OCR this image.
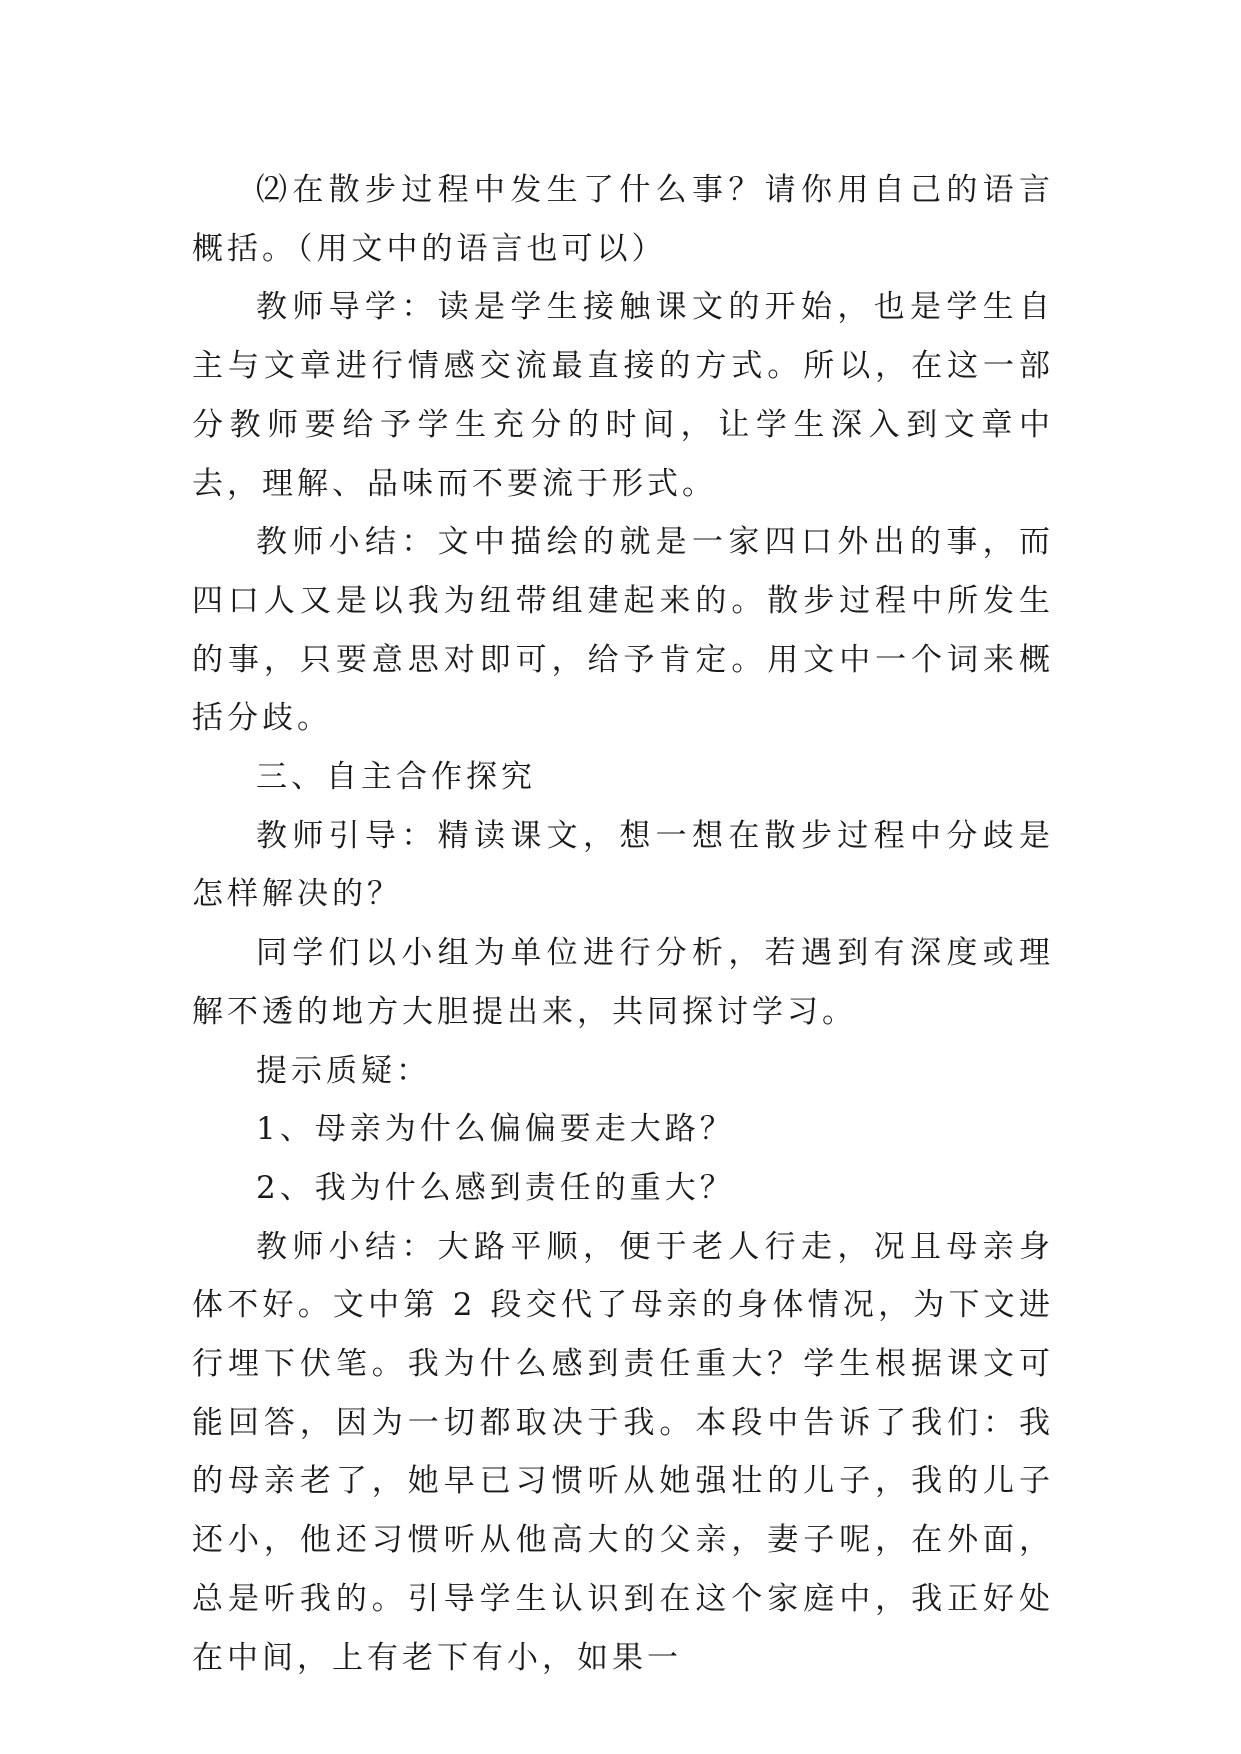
⑵在散步过程中发生了什么事？请你用自己的语言概括。（用文中的语言也可以）

教师导学：读是学生接触课文的开始，也是学生自主与文章进行情感交流最直接的方式。所以，在这一部分教师要给予学生充分的时间，让学生深入到文章中去，理解、品味而不要流于形式。

教师小结：文中描绘的就是一家四口外出的事，而四口人又是以我为纽带组建起来的。散步过程中所发生的事，只要意思对即可，给予肯定。用文中一个词来概括分歧。

三、自主合作探究

教师引导：精读课文，想一想在散步过程中分歧是怎样解决的？

同学们以小组为单位进行分析，若遇到有深度或理解不透的地方大胆提出来，共同探讨学习。

提示质疑：

1、母亲为什么偏偏要走大路？

2、我为什么感到责任的重大？

教师小结：大路平顺，便于老人行走，况且母亲身体不好。文中第 2 段交代了母亲的身体情况，为下文进行埋下伏笔。我为什么感到责任重大？学生根据课文可能回答，因为一切都取决于我。本段中告诉了我们：我的母亲老了，她早已习惯听从她强壮的儿子，我的儿子还小，他还习惯听从他高大的父亲，妻子呢，在外面，总是听我的。引导学生认识到在这个家庭中，我正好处在中间，上有老下有小，如果一
